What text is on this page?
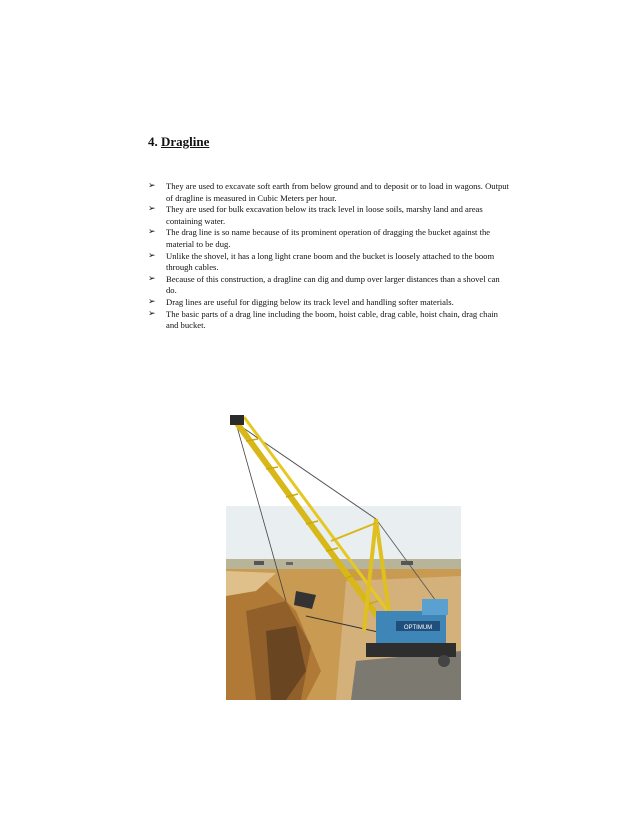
4. Dragline
➢ They are used to excavate soft earth from below ground and to deposit or to load in wagons. Output of dragline is measured in Cubic Meters per hour.
➢ They are used for bulk excavation below its track level in loose soils, marshy land and areas containing water.
➢ The drag line is so name because of its prominent operation of dragging the bucket against the material to be dug.
➢ Unlike the shovel, it has a long light crane boom and the bucket is loosely attached to the boom through cables.
➢ Because of this construction, a dragline can dig and dump over larger distances than a shovel can do.
➢ Drag lines are useful for digging below its track level and handling softer materials.
➢ The basic parts of a drag line including the boom, hoist cable, drag cable, hoist chain, drag chain and bucket.
OPTIMUM
